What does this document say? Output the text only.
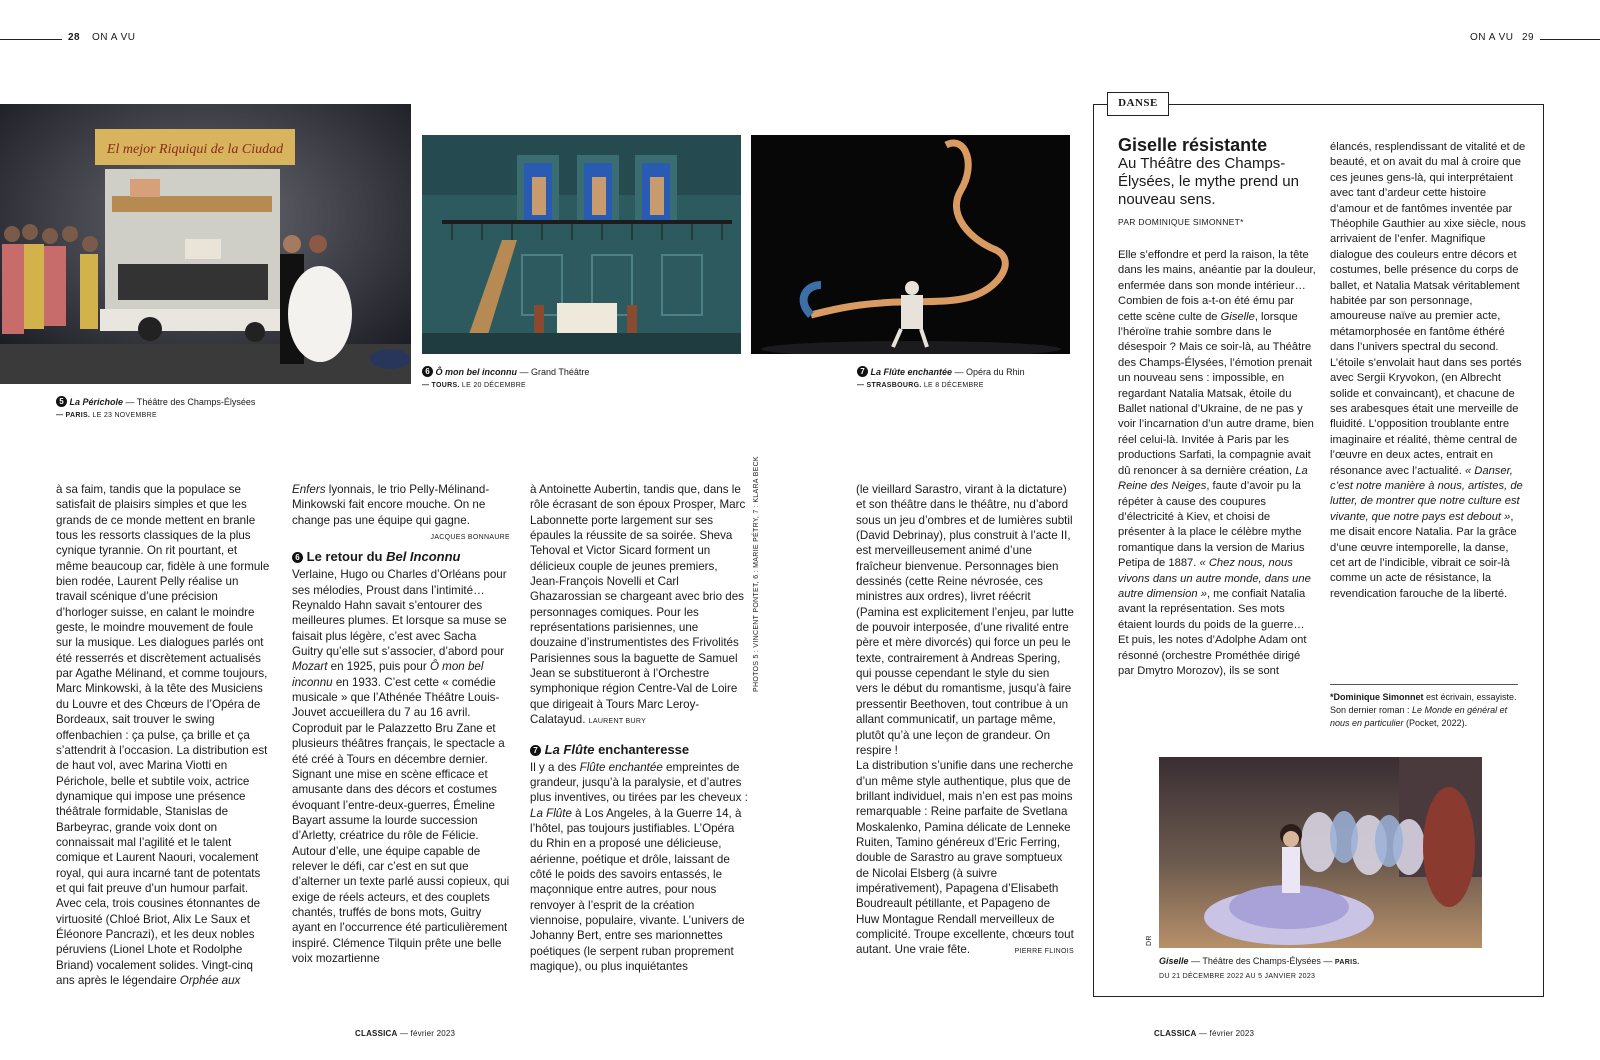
28 ON A VU	ON A VU 29
El mejor Riquiqui de la Ciudad
5 La Périchole — Théâtre des Champs-Élysées
— PARIS. LE 23 NOVEMBRE
6 Ô mon bel inconnu — Grand Théâtre
— TOURS. LE 20 DÉCEMBRE
7 La Flûte enchantée — Opéra du Rhin
— STRASBOURG. LE 8 DÉCEMBRE
PHOTOS 5 : VINCENT PONTET, 6 : MARIE PÉTRY, 7 : KLARA BECK

à sa faim, tandis que la populace se satisfait de plaisirs simples et que les grands de ce monde mettent en branle tous les ressorts classiques de la plus cynique tyrannie. On rit pourtant, et même beaucoup car, fidèle à une formule bien rodée, Laurent Pelly réalise un travail scénique d’une précision d’horloger suisse, en calant le moindre geste, le moindre mouvement de foule sur la musique. Les dialogues parlés ont été resserrés et discrètement actualisés par Agathe Mélinand, et comme toujours, Marc Minkowski, à la tête des Musiciens du Louvre et des Chœurs de l’Opéra de Bordeaux, sait trouver le swing offenbachien : ça pulse, ça brille et ça s’attendrit à l’occasion. La distribution est de haut vol, avec Marina Viotti en Périchole, belle et subtile voix, actrice dynamique qui impose une présence théâtrale formidable, Stanislas de Barbeyrac, grande voix dont on connaissait mal l’agilité et le talent comique et Laurent Naouri, vocalement royal, qui aura incarné tant de potentats et qui fait preuve d’un humour parfait. Avec cela, trois cousines étonnantes de virtuosité (Chloé Briot, Alix Le Saux et Éléonore Pancrazi), et les deux nobles péruviens (Lionel Lhote et Rodolphe Briand) vocalement solides. Vingt-cinq ans après le légendaire Orphée aux

Enfers lyonnais, le trio Pelly-Mélinand-Minkowski fait encore mouche. On ne change pas une équipe qui gagne.

JACQUES BONNAURE
6 Le retour du Bel Inconnu

Verlaine, Hugo ou Charles d’Orléans pour ses mélodies, Proust dans l’intimité… Reynaldo Hahn savait s’entourer des meilleures plumes. Et lorsque sa muse se faisait plus légère, c’est avec Sacha Guitry qu’elle sut s’associer, d’abord pour Mozart en 1925, puis pour Ô mon bel inconnu en 1933. C’est cette « comédie musicale » que l’Athénée Théâtre Louis-Jouvet accueillera du 7 au 16 avril. Coproduit par le Palazzetto Bru Zane et plusieurs théâtres français, le spectacle a été créé à Tours en décembre dernier. Signant une mise en scène efficace et amusante dans des décors et costumes évoquant l’entre-deux-guerres, Émeline Bayart assume la lourde succession d’Arletty, créatrice du rôle de Félicie. Autour d’elle, une équipe capable de relever le défi, car c’est en sut que d’alterner un texte parlé aussi copieux, qui exige de réels acteurs, et des couplets chantés, truffés de bons mots, Guitry ayant en l’occurrence été particulièrement inspiré. Clémence Tilquin prête une belle voix mozartienne

à Antoinette Aubertin, tandis que, dans le rôle écrasant de son époux Prosper, Marc Labonnette porte largement sur ses épaules la réussite de sa soirée. Sheva Tehoval et Victor Sicard forment un délicieux couple de jeunes premiers, Jean-François Novelli et Carl Ghazarossian se chargeant avec brio des personnages comiques. Pour les représentations parisiennes, une douzaine d’instrumentistes des Frivolités Parisiennes sous la baguette de Samuel Jean se substitueront à l’Orchestre symphonique région Centre-Val de Loire que dirigeait à Tours Marc Leroy-Calatayud. LAURENT BURY

7 La Flûte enchanteresse

Il y a des Flûte enchantée empreintes de grandeur, jusqu’à la paralysie, et d’autres plus inventives, ou tirées par les cheveux : La Flûte à Los Angeles, à la Guerre 14, à l’hôtel, pas toujours justifiables. L’Opéra du Rhin en a proposé une délicieuse, aérienne, poétique et drôle, laissant de côté le poids des savoirs entassés, le maçonnique entre autres, pour nous renvoyer à l’esprit de la création viennoise, populaire, vivante. L’univers de Johanny Bert, entre ses marionnettes poétiques (le serpent ruban proprement magique), ou plus inquiétantes

(le vieillard Sarastro, virant à la dictature) et son théâtre dans le théâtre, nu d’abord sous un jeu d’ombres et de lumières subtil (David Debrinay), plus construit à l’acte II, est merveilleusement animé d’une fraîcheur bienvenue. Personnages bien dessinés (cette Reine névrosée, ces ministres aux ordres), livret réécrit (Pamina est explicitement l’enjeu, par lutte de pouvoir interposée, d’une rivalité entre père et mère divorcés) qui force un peu le texte, contrairement à Andreas Spering, qui pousse cependant le style du sien vers le début du romantisme, jusqu’à faire pressentir Beethoven, tout contribue à un allant communicatif, un partage même, plutôt qu’à une leçon de grandeur. On respire !

La distribution s’unifie dans une recherche d’un même style authentique, plus que de brillant individuel, mais n’en est pas moins remarquable : Reine parfaite de Svetlana Moskalenko, Pamina délicate de Lenneke Ruiten, Tamino généreux d’Eric Ferring, double de Sarastro au grave somptueux de Nicolai Elsberg (à suivre impérativement), Papagena d’Elisabeth Boudreault pétillante, et Papageno de Huw Montague Rendall merveilleux de complicité. Troupe excellente, chœurs tout autant. Une vraie fête.	PIERRE FLINOIS

DANSE
Giselle résistante
Au Théâtre des Champs-Élysées, le mythe prend un nouveau sens.
PAR DOMINIQUE SIMONNET*

Elle s’effondre et perd la raison, la tête dans les mains, anéantie par la douleur, enfermée dans son monde intérieur… Combien de fois a-t-on été ému par cette scène culte de Giselle, lorsque l’héroïne trahie sombre dans le désespoir ? Mais ce soir-là, au Théâtre des Champs-Élysées, l’émotion prenait un nouveau sens : impossible, en regardant Natalia Matsak, étoile du Ballet national d’Ukraine, de ne pas y voir l’incarnation d’un autre drame, bien réel celui-là. Invitée à Paris par les productions Sarfati, la compagnie avait dû renoncer à sa dernière création, La Reine des Neiges, faute d’avoir pu la répéter à cause des coupures d’électricité à Kiev, et choisi de présenter à la place le célèbre mythe romantique dans la version de Marius Petipa de 1887. « Chez nous, nous vivons dans un autre monde, dans une autre dimension », me confiait Natalia avant la représentation. Ses mots étaient lourds du poids de la guerre… Et puis, les notes d’Adolphe Adam ont résonné (orchestre Prométhée dirigé par Dmytro Morozov), ils se sont

élancés, resplendissant de vitalité et de beauté, et on avait du mal à croire que ces jeunes gens-là, qui interprétaient avec tant d’ardeur cette histoire d’amour et de fantômes inventée par Théophile Gauthier au xixe siècle, nous arrivaient de l’enfer. Magnifique dialogue des couleurs entre décors et costumes, belle présence du corps de ballet, et Natalia Matsak véritablement habitée par son personnage, amoureuse naïve au premier acte, métamorphosée en fantôme éthéré dans l’univers spectral du second. L’étoile s’envolait haut dans ses portés avec Sergii Kryvokon, (en Albrecht solide et convaincant), et chacune de ses arabesques était une merveille de fluidité. L’opposition troublante entre imaginaire et réalité, thème central de l’œuvre en deux actes, entrait en résonance avec l’actualité. « Danser, c’est notre manière à nous, artistes, de lutter, de montrer que notre culture est vivante, que notre pays est debout », me disait encore Natalia. Par la grâce d’une œuvre intemporelle, la danse, cet art de l’indicible, vibrait ce soir-là comme un acte de résistance, la revendication farouche de la liberté.

*Dominique Simonnet est écrivain, essayiste. Son dernier roman : Le Monde en général et nous en particulier (Pocket, 2022).
DR
Giselle — Théâtre des Champs-Élysées — PARIS.
DU 21 DÉCEMBRE 2022 AU 5 JANVIER 2023
CLASSICA — février 2023	CLASSICA — février 2023
